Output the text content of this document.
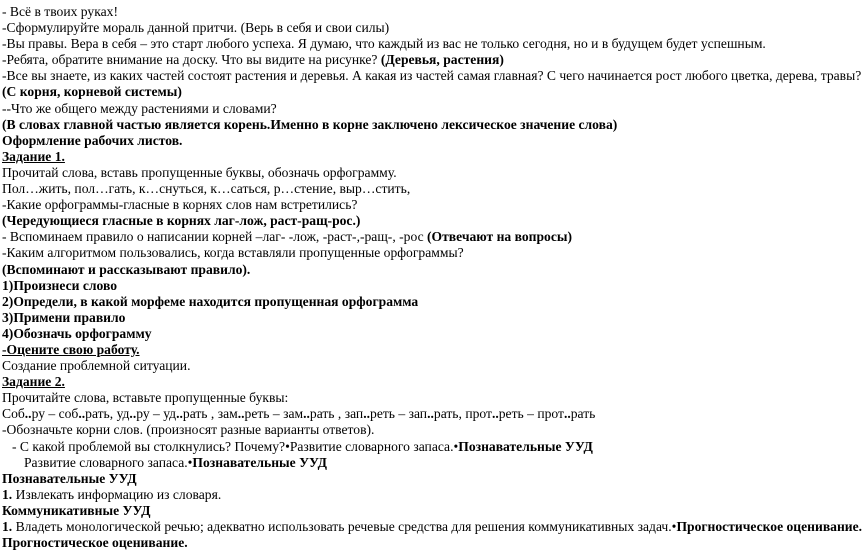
- Всё в твоих руках!
-Сформулируйте мораль данной притчи. (Верь в себя и свои силы)
-Вы правы. Вера в себя – это старт любого успеха. Я думаю, что каждый из вас не только сегодня, но и в будущем будет успешным.
-Ребята, обратите внимание на доску. Что вы видите на рисунке? (Деревья, растения)
-Все вы знаете, из каких частей состоят растения и деревья. А какая из частей самая главная? С чего начинается рост любого цветка, дерева, травы?
(С корня, корневой системы)
--Что же общего между растениями и словами?
(В словах главной частью является корень.Именно в корне заключено лексическое значение слова)
Оформление рабочих листов.
Задание 1.
Прочитай слова, вставь пропущенные буквы, обозначь орфограмму.
Пол…жить, пол…гать, к…снуться, к…саться, р…стение, выр…стить,
-Какие орфограммы-гласные в корнях слов нам встретились?
(Чередующиеся гласные в корнях лаг-лож, раст-ращ-рос.)
- Вспоминаем правило о написании корней –лаг- -лож, -раст-,-ращ-, -рос (Отвечают на вопросы)
-Каким алгоритмом пользовались, когда вставляли пропущенные орфограммы?
(Вспоминают и рассказывают правило).
1)Произнеси слово
2)Определи, в какой морфеме находится пропущенная орфограмма
3)Примени правило
4)Обозначь орфограмму
-Оцените свою работу.
Создание проблемной ситуации.
Задание 2.
Прочитайте слова, вставьте пропущенные буквы:
Соб..ру – соб..рать, уд..ру – уд..рать , зам..реть – зам..рать , зап..реть – зап..рать, прот..реть – прот..рать
-Обозначьте корни слов. (произносят разные варианты ответов).
- С какой проблемой вы столкнулись? Почему?•Развитие словарного запаса.•Познавательные УУД
Развитие словарного запаса.•Познавательные УУД
Познавательные УУД
1. Извлекать информацию из словаря.
Коммуникативные УУД
1. Владеть монологической речью; адекватно использовать речевые средства для решения коммуникативных задач.•Прогностическое оценивание.
Прогностическое оценивание.
